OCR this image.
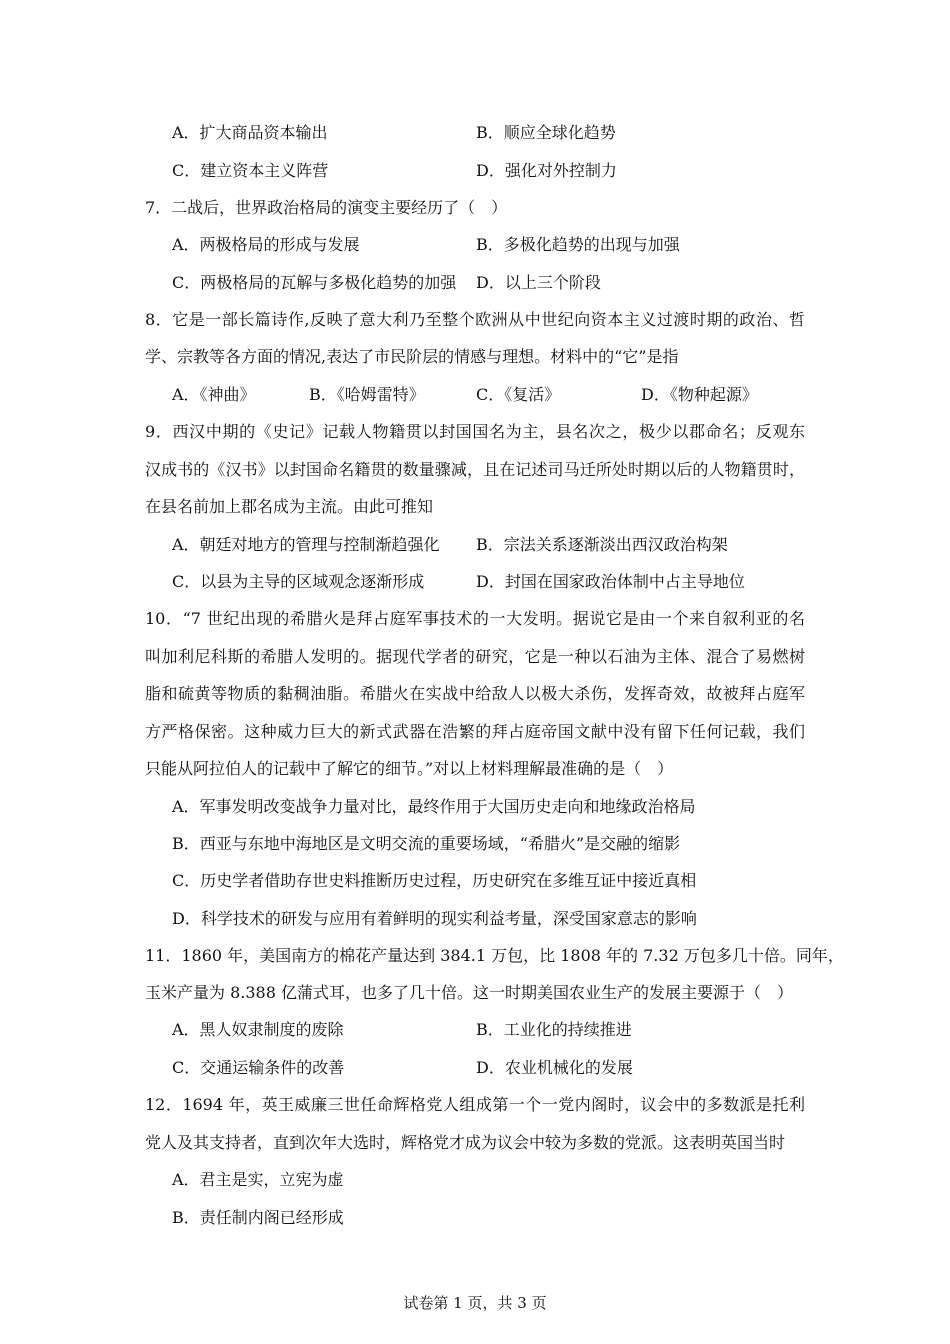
A．扩大商品资本输出	B．顺应全球化趋势
C．建立资本主义阵营	D．强化对外控制力
7．二战后，世界政治格局的演变主要经历了（　）
A．两极格局的形成与发展	B．多极化趋势的出现与加强
C．两极格局的瓦解与多极化趋势的加强 D．以上三个阶段
8．它是一部长篇诗作,反映了意大利乃至整个欧洲从中世纪向资本主义过渡时期的政治、哲
学、宗教等各方面的情况,表达了市民阶层的情感与理想。材料中的“它”是指
A．《神曲》	B．《哈姆雷特》	C．《复活》	D．《物种起源》
9．西汉中期的《史记》记载人物籍贯以封国国名为主，县名次之，极少以郡命名；反观东
汉成书的《汉书》以封国命名籍贯的数量骤减，且在记述司马迁所处时期以后的人物籍贯时，
在县名前加上郡名成为主流。由此可推知
A．朝廷对地方的管理与控制渐趋强化 B．宗法关系逐渐淡出西汉政治构架
C．以县为主导的区域观念逐渐形成	D．封国在国家政治体制中占主导地位
10．“7 世纪出现的希腊火是拜占庭军事技术的一大发明。据说它是由一个来自叙利亚的名
叫加利尼科斯的希腊人发明的。据现代学者的研究，它是一种以石油为主体、混合了易燃树
脂和硫黄等物质的黏稠油脂。希腊火在实战中给敌人以极大杀伤，发挥奇效，故被拜占庭军
方严格保密。这种威力巨大的新式武器在浩繁的拜占庭帝国文献中没有留下任何记载，我们
只能从阿拉伯人的记载中了解它的细节。”对以上材料理解最准确的是（　）
A．军事发明改变战争力量对比，最终作用于大国历史走向和地缘政治格局
B．西亚与东地中海地区是文明交流的重要场域，“希腊火”是交融的缩影
C．历史学者借助存世史料推断历史过程，历史研究在多维互证中接近真相
D．科学技术的研发与应用有着鲜明的现实利益考量，深受国家意志的影响
11．1860 年，美国南方的棉花产量达到 384.1 万包，比 1808 年的 7.32 万包多几十倍。同年，
玉米产量为 8.388 亿蒲式耳，也多了几十倍。这一时期美国农业生产的发展主要源于（　）
A．黑人奴隶制度的废除	B．工业化的持续推进
C．交通运输条件的改善	D．农业机械化的发展
12．1694 年，英王威廉三世任命辉格党人组成第一个一党内阁时，议会中的多数派是托利
党人及其支持者，直到次年大选时，辉格党才成为议会中较为多数的党派。这表明英国当时
A．君主是实，立宪为虚
B．责任制内阁已经形成
试卷第 1 页，共 3 页
